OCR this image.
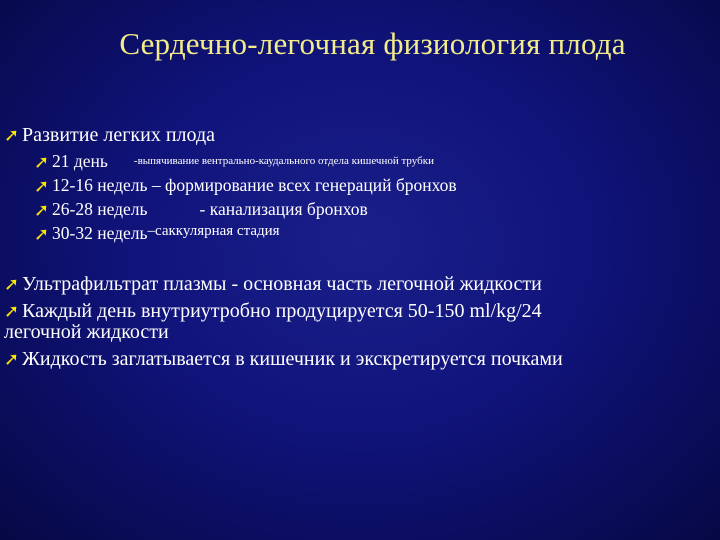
Сердечно-легочная физиология плода
➚ Развитие легких плода
➚ 21 день -выпячивание вентрально-каудального отдела кишечной трубки
➚ 12-16 недель – формирование всех генераций бронхов
➚ 26-28 недель	- канализация бронхов
➚ 30-32 недель –саккулярная стадия
➚ Ультрафильтрат плазмы - основная часть легочной жидкости
➚ Каждый день внутриутробно продуцируется 50-150 ml/kg/24
легочной жидкости
➚ Жидкость заглатывается в кишечник и экскретируется почками
